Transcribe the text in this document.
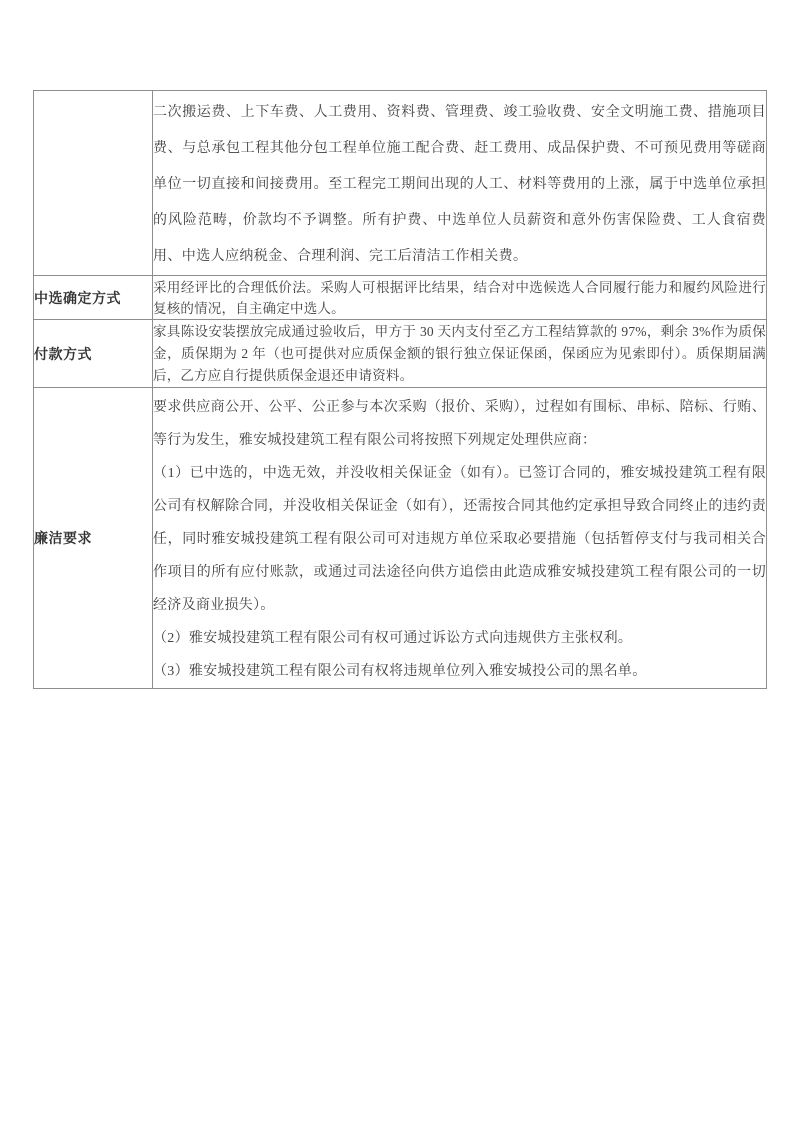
	二次搬运费、上下车费、人工费用、资料费、管理费、竣工验收费、安全文明施工费、措施项目费、与总承包工程其他分包工程单位施工配合费、赶工费用、成品保护费、不可预见费用等磋商单位一切直接和间接费用。至工程完工期间出现的人工、材料等费用的上涨，属于中选单位承担的风险范畴，价款均不予调整。所有护费、中选单位人员薪资和意外伤害保险费、工人食宿费用、中选人应纳税金、合理利润、完工后清洁工作相关费。

中选确定方式	采用经评比的合理低价法。采购人可根据评比结果，结合对中选候选人合同履行能力和履约风险进行复核的情况，自主确定中选人。

付款方式	家具陈设安装摆放完成通过验收后，甲方于 30 天内支付至乙方工程结算款的 97%，剩余 3%作为质保金，质保期为 2 年（也可提供对应质保金额的银行独立保证保函，保函应为见索即付）。质保期届满后，乙方应自行提供质保金退还申请资料。

廉洁要求	要求供应商公开、公平、公正参与本次采购（报价、采购），过程如有围标、串标、陪标、行贿、等行为发生，雅安城投建筑工程有限公司将按照下列规定处理供应商：

（1）已中选的，中选无效，并没收相关保证金（如有）。已签订合同的，雅安城投建筑工程有限公司有权解除合同，并没收相关保证金（如有），还需按合同其他约定承担导致合同终止的违约责任，同时雅安城投建筑工程有限公司可对违规方单位采取必要措施（包括暂停支付与我司相关合作项目的所有应付账款，或通过司法途径向供方追偿由此造成雅安城投建筑工程有限公司的一切经济及商业损失）。

（2）雅安城投建筑工程有限公司有权可通过诉讼方式向违规供方主张权利。

（3）雅安城投建筑工程有限公司有权将违规单位列入雅安城投公司的黑名单。
